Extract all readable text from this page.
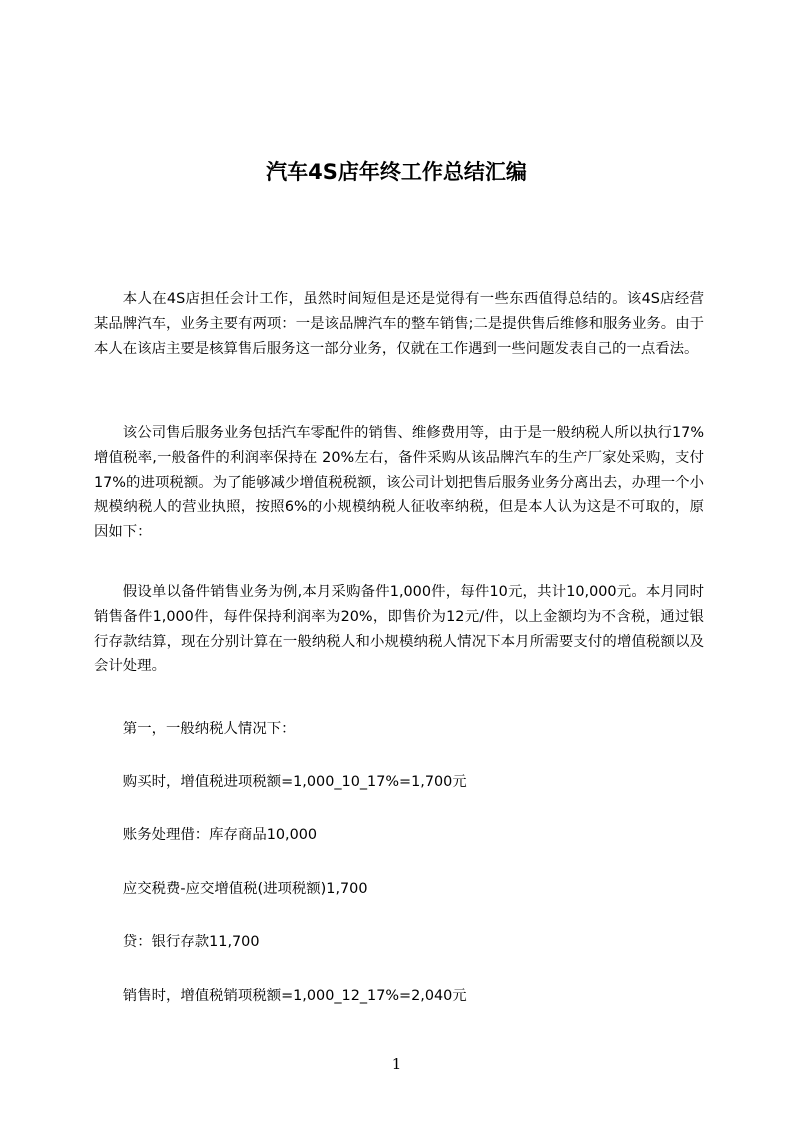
汽车4S店年终工作总结汇编

本人在4S店担任会计工作，虽然时间短但是还是觉得有一些东西值得总结的。该4S店经营某品牌汽车，业务主要有两项：一是该品牌汽车的整车销售;二是提供售后维修和服务业务。由于本人在该店主要是核算售后服务这一部分业务，仅就在工作遇到一些问题发表自己的一点看法。

该公司售后服务业务包括汽车零配件的销售、维修费用等，由于是一般纳税人所以执行17%增值税率,一般备件的利润率保持在 20%左右，备件采购从该品牌汽车的生产厂家处采购，支付17%的进项税额。为了能够减少增值税税额，该公司计划把售后服务业务分离出去，办理一个小规模纳税人的营业执照，按照6%的小规模纳税人征收率纳税，但是本人认为这是不可取的，原因如下：

假设单以备件销售业务为例,本月采购备件1,000件，每件10元，共计10,000元。本月同时销售备件1,000件，每件保持利润率为20%，即售价为12元/件，以上金额均为不含税，通过银行存款结算，现在分别计算在一般纳税人和小规模纳税人情况下本月所需要支付的增值税额以及会计处理。

第一，一般纳税人情况下：

购买时，增值税进项税额=1,000_10_17%=1,700元

账务处理借：库存商品10,000

应交税费-应交增值税(进项税额)1,700

贷：银行存款11,700

销售时，增值税销项税额=1,000_12_17%=2,040元

1
